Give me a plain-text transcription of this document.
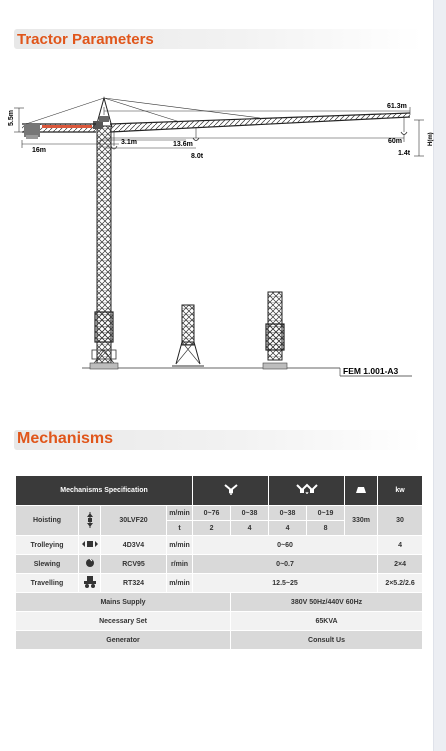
Tractor Parameters
5.5m
16m
3.1m	13.6m
8.0t
61.3m
60m
1.4t
H(m)
FEM 1.001-A3
Mechanisms
Mechanisms Specification									kw
Hoisting		30LVF20	m/min	0~76	0~38	0~38	0~19	330m	30
			t	2	4	4	8		
Trolleying		4D3V4	m/min	0~60					4
Slewing		RCV95	r/min	0~0.7					2×4
Travelling		RT324	m/min	12.5~25					2×5.2/2.6
Mains Supply					380V 50Hz/440V 60Hz				
Necessary Set					65KVA				
Generator					Consult Us				
